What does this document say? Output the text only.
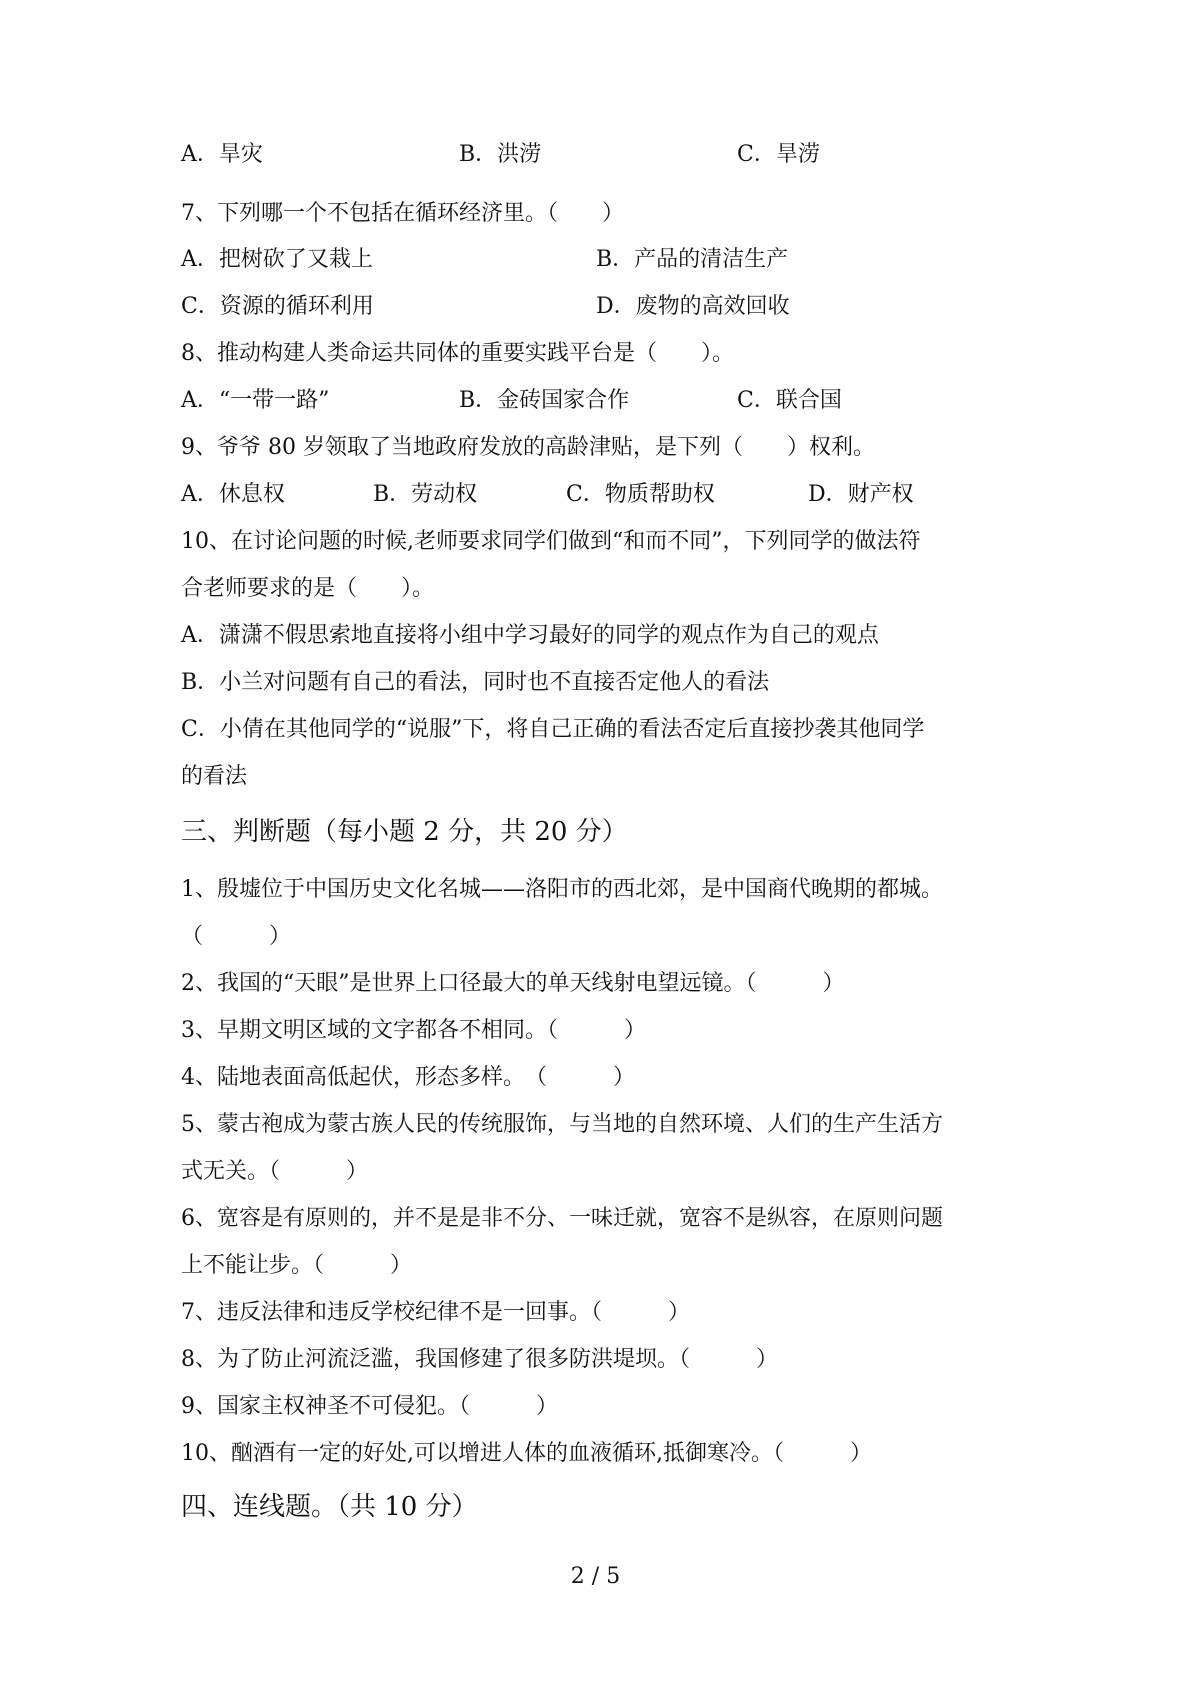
A．旱灾	B．洪涝	C．旱涝

7、下列哪一个不包括在循环经济里。（　　）

A．把树砍了又栽上	B．产品的清洁生产

C．资源的循环利用	D．废物的高效回收

8、推动构建人类命运共同体的重要实践平台是（　　）。

A．“一带一路”	B．金砖国家合作	C．联合国

9、爷爷 80 岁领取了当地政府发放的高龄津贴，是下列（　　）权利。

A．休息权	B．劳动权	C．物质帮助权	D．财产权

10、在讨论问题的时候,老师要求同学们做到“和而不同”，下列同学的做法符

合老师要求的是（　　）。

A．潇潇不假思索地直接将小组中学习最好的同学的观点作为自己的观点

B．小兰对问题有自己的看法，同时也不直接否定他人的看法

C．小倩在其他同学的“说服”下，将自己正确的看法否定后直接抄袭其他同学

的看法

三、判断题（每小题 2 分，共 20 分）

1、殷墟位于中国历史文化名城——洛阳市的西北郊，是中国商代晚期的都城。

（　　　）

2、我国的“天眼”是世界上口径最大的单天线射电望远镜。（　　　）

3、早期文明区域的文字都各不相同。（　　　）

4、陆地表面高低起伏，形态多样。　（　　　）

5、蒙古袍成为蒙古族人民的传统服饰，与当地的自然环境、人们的生产生活方

式无关。（　　　）

6、宽容是有原则的，并不是是非不分、一味迁就，宽容不是纵容，在原则问题

上不能让步。（　　　）

7、违反法律和违反学校纪律不是一回事。（　　　）

8、为了防止河流泛滥，我国修建了很多防洪堤坝。（　　　）

9、国家主权神圣不可侵犯。（　　　）

10、酗酒有一定的好处,可以增进人体的血液循环,抵御寒冷。（　　　）

四、连线题。（共 10 分）

2 / 5
